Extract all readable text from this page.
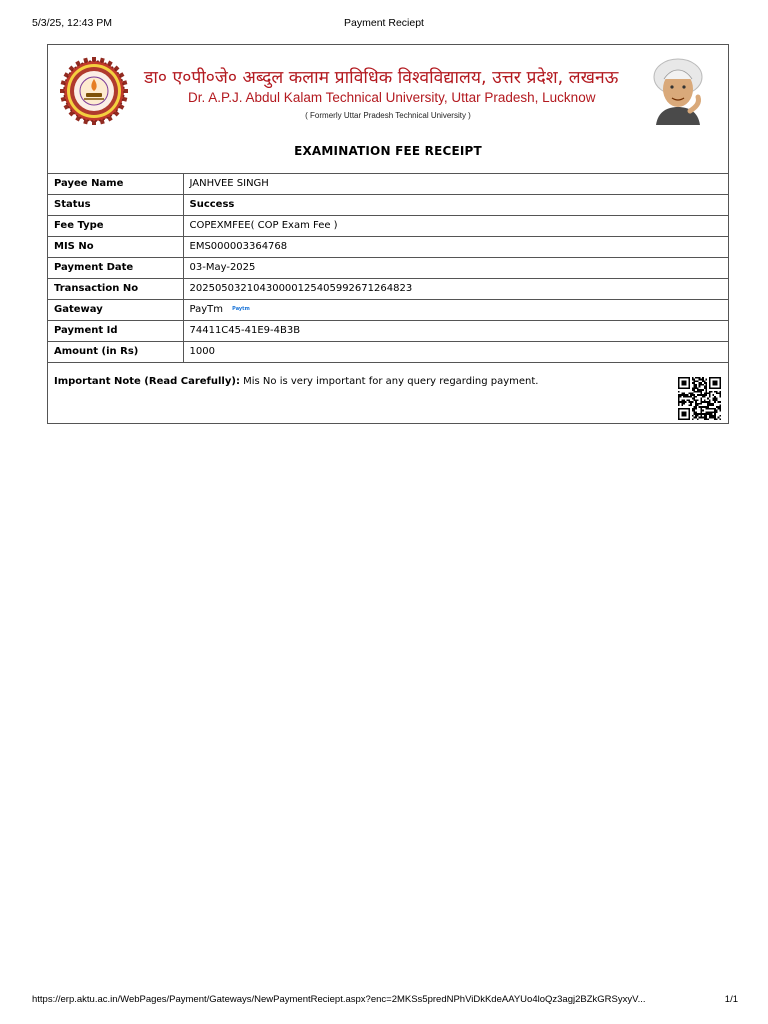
5/3/25, 12:43 PM	Payment Reciept
डा० ए०पी०जे० अब्दुल कलाम प्राविधिक विश्वविद्यालय, उत्तर प्रदेश, लखनऊ
Dr. A.P.J. Abdul Kalam Technical University, Uttar Pradesh, Lucknow
( Formerly Uttar Pradesh Technical University )
EXAMINATION FEE RECEIPT
Payee Name	JANHVEE SINGH
Status	Success
Fee Type	COPEXMFEE( COP Exam Fee )
MIS No	EMS000003364768
Payment Date	03-May-2025
Transaction No	20250503210430000125405992671264823
Gateway	PayTm Paytm
Payment Id	74411C45-41E9-4B3B
Amount (in Rs)	1000
Important Note (Read Carefully): Mis No is very important for any query regarding payment.
https://erp.aktu.ac.in/WebPages/Payment/Gateways/NewPaymentReciept.aspx?enc=2MKSs5predNPhViDkKdeAAYUo4loQz3agj2BZkGRSyxyV...	1/1
